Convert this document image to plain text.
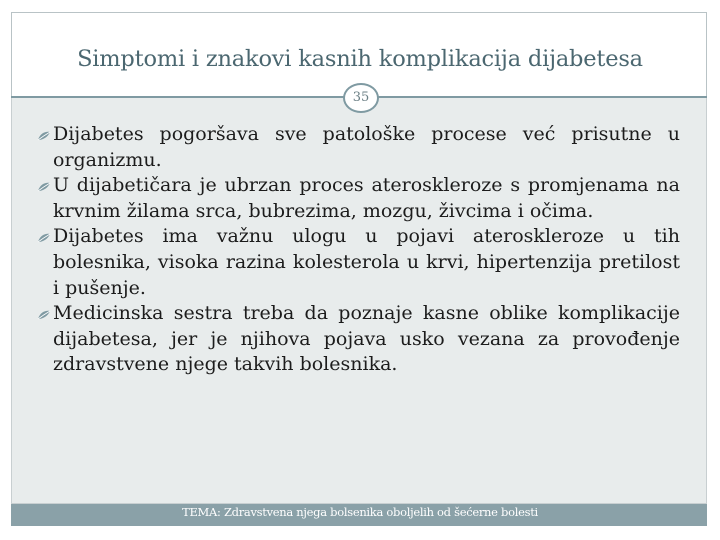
Simptomi i znakovi kasnih komplikacija dijabetesa
35
Dijabetes pogoršava sve patološke procese već prisutne u organizmu.
U dijabetičara je ubrzan proces ateroskleroze s promjenama na krvnim žilama srca, bubrezima, mozgu, živcima i očima.
Dijabetes ima važnu ulogu u pojavi ateroskleroze u tih bolesnika, visoka razina kolesterola u krvi, hipertenzija pretilost i pušenje.
Medicinska sestra treba da poznaje kasne oblike komplikacije dijabetesa, jer je njihova pojava usko vezana za provođenje zdravstvene njege takvih bolesnika.
TEMA: Zdravstvena njega bolsenika oboljelih od šećerne bolesti
